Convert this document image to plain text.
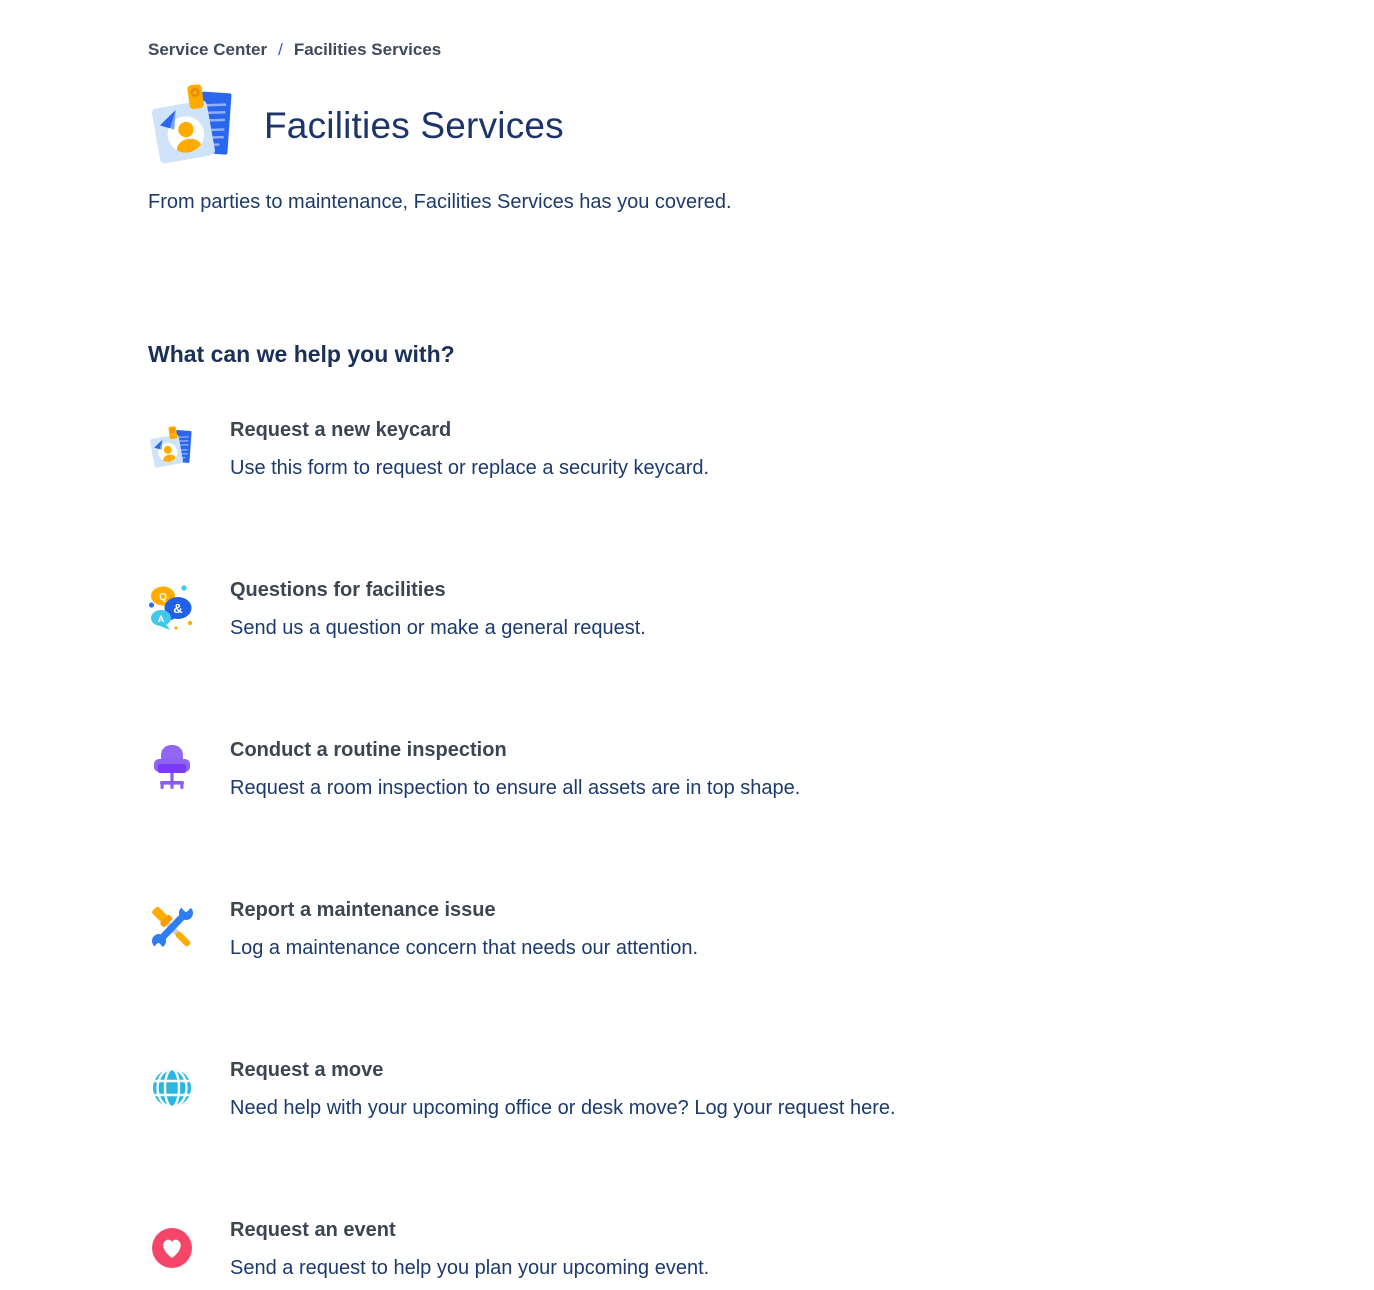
Service Center / Facilities Services
Facilities Services
From parties to maintenance, Facilities Services has you covered.
What can we help you with?
Request a new keycard
Use this form to request or replace a security keycard.
Q
&
A
Questions for facilities
Send us a question or make a general request.
Conduct a routine inspection
Request a room inspection to ensure all assets are in top shape.
Report a maintenance issue
Log a maintenance concern that needs our attention.
Request a move
Need help with your upcoming office or desk move? Log your request here.
Request an event
Send a request to help you plan your upcoming event.
